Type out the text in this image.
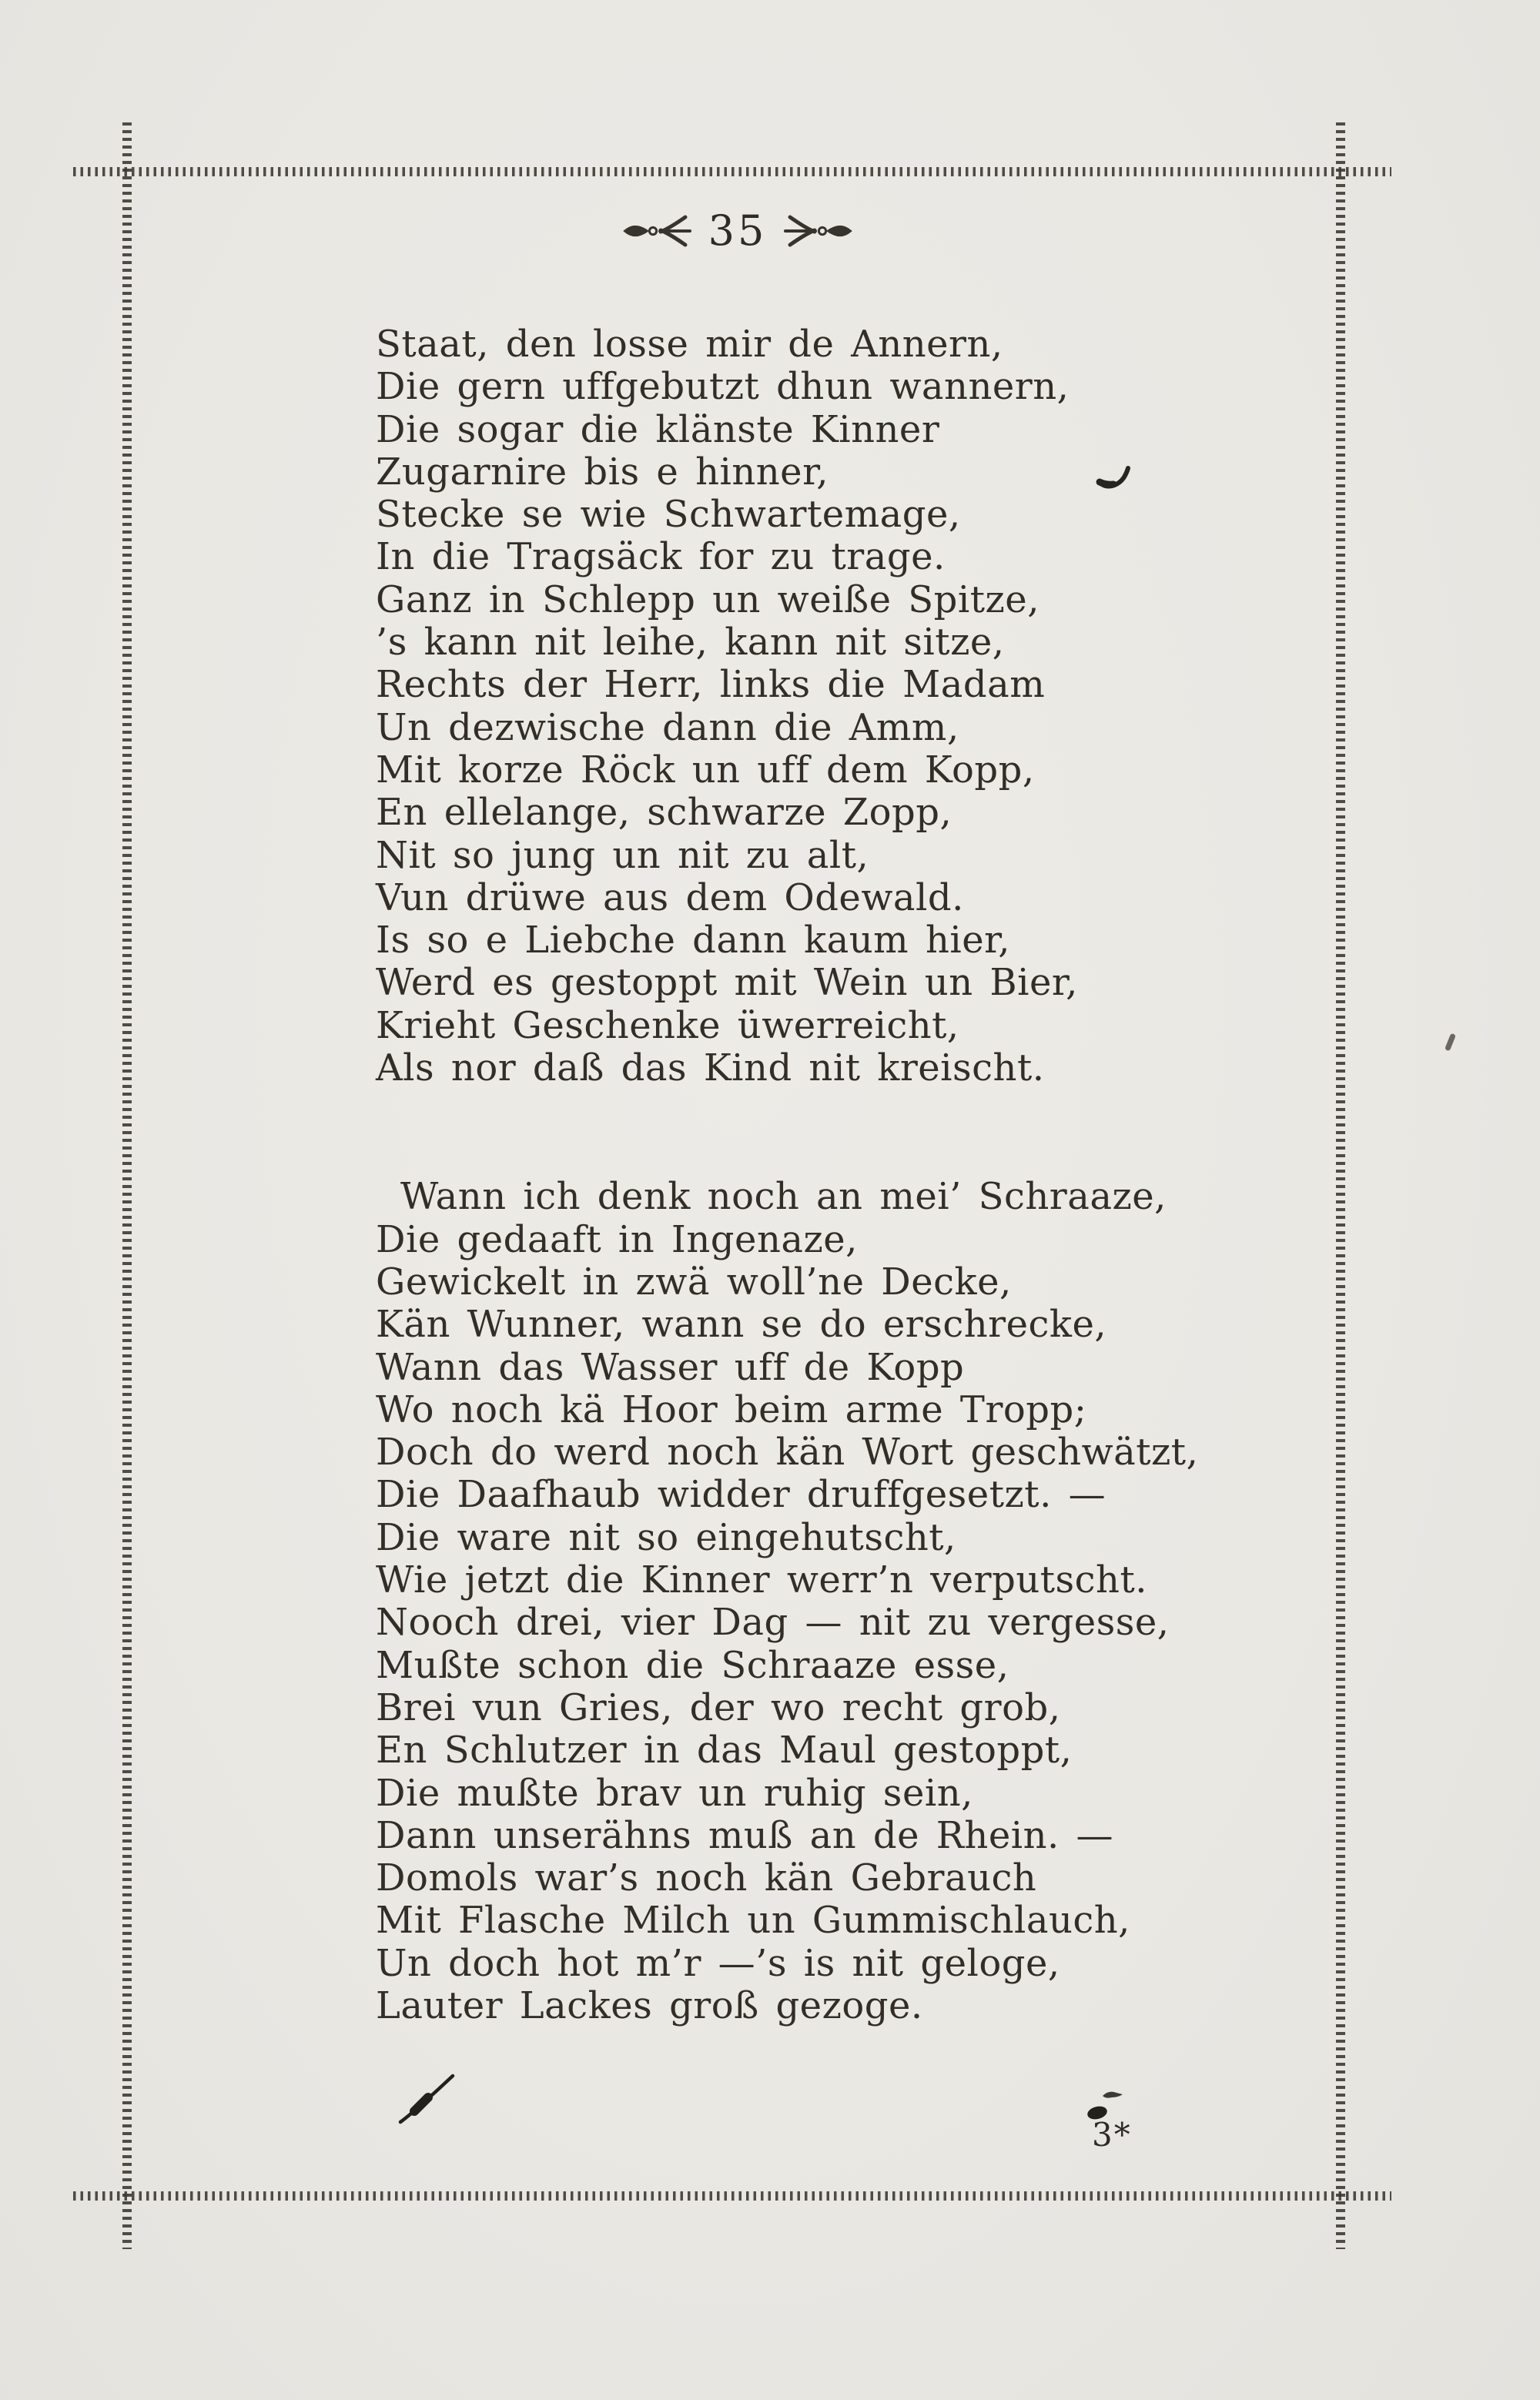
35
Staat, den losse mir de Annern,
Die gern uffgebutzt dhun wannern,
Die sogar die klänste Kinner
Zugarnire bis e hinner,
Stecke se wie Schwartemage,
In die Tragsäck for zu trage.
Ganz in Schlepp un weiße Spitze,
’s kann nit leihe, kann nit sitze,
Rechts der Herr, links die Madam
Un dezwische dann die Amm,
Mit korze Röck un uff dem Kopp,
En ellelange, schwarze Zopp,
Nit so jung un nit zu alt,
Vun drüwe aus dem Odewald.
Is so e Liebche dann kaum hier,
Werd es gestoppt mit Wein un Bier,
Krieht Geschenke üwerreicht,
Als nor daß das Kind nit kreischt.
Wann ich denk noch an mei’ Schraaze,
Die gedaaft in Ingenaze,
Gewickelt in zwä woll’ne Decke,
Kän Wunner, wann se do erschrecke,
Wann das Wasser uff de Kopp
Wo noch kä Hoor beim arme Tropp;
Doch do werd noch kän Wort geschwätzt,
Die Daafhaub widder druffgesetzt. —
Die ware nit so eingehutscht,
Wie jetzt die Kinner werr’n verputscht.
Nooch drei, vier Dag — nit zu vergesse,
Mußte schon die Schraaze esse,
Brei vun Gries, der wo recht grob,
En Schlutzer in das Maul gestoppt,
Die mußte brav un ruhig sein,
Dann unserähns muß an de Rhein. —
Domols war’s noch kän Gebrauch
Mit Flasche Milch un Gummischlauch,
Un doch hot m’r —’s is nit geloge,
Lauter Lackes groß gezoge.
3*
